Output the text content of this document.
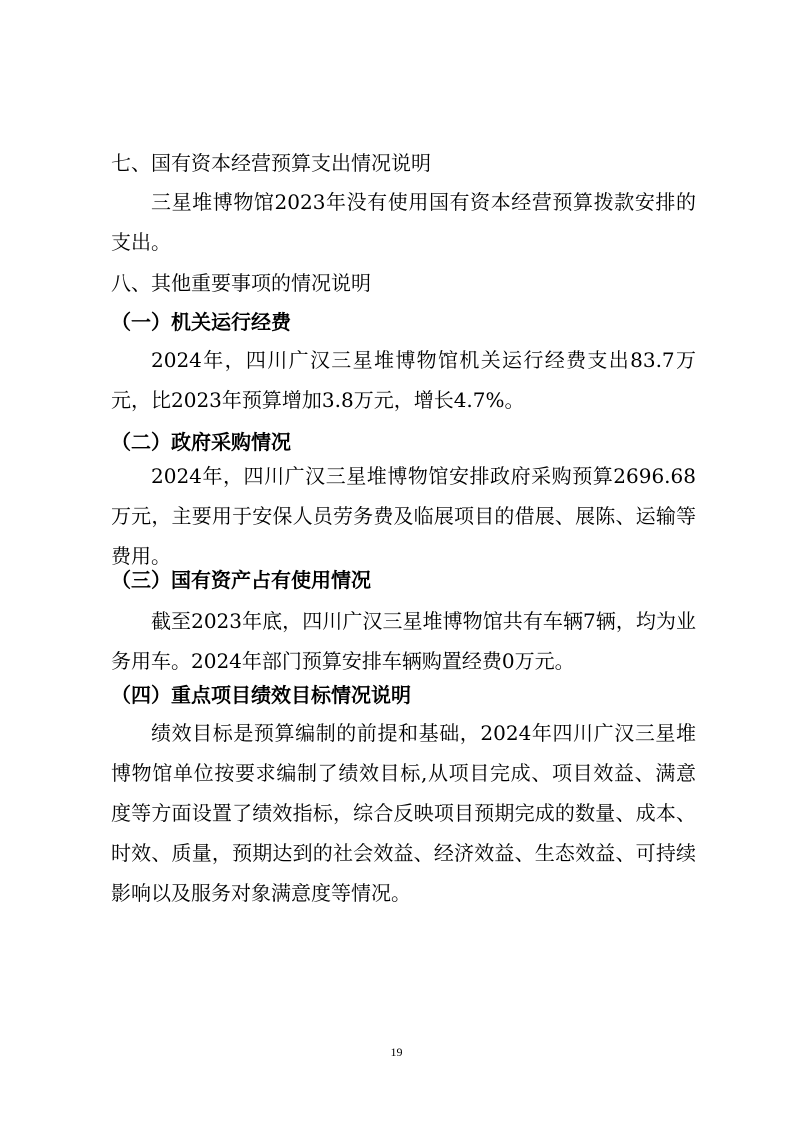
七、国有资本经营预算支出情况说明

三星堆博物馆2023年没有使用国有资本经营预算拨款安排的支出。

八、其他重要事项的情况说明
（一）机关运行经费

2024年，四川广汉三星堆博物馆机关运行经费支出83.7万元，比2023年预算增加3.8万元，增长4.7%。

（二）政府采购情况

2024年，四川广汉三星堆博物馆安排政府采购预算2696.68万元，主要用于安保人员劳务费及临展项目的借展、展陈、运输等费用。

（三）国有资产占有使用情况

截至2023年底，四川广汉三星堆博物馆共有车辆7辆，均为业务用车。2024年部门预算安排车辆购置经费0万元。

（四）重点项目绩效目标情况说明

绩效目标是预算编制的前提和基础，2024年四川广汉三星堆博物馆单位按要求编制了绩效目标,从项目完成、项目效益、满意度等方面设置了绩效指标，综合反映项目预期完成的数量、成本、时效、质量，预期达到的社会效益、经济效益、生态效益、可持续影响以及服务对象满意度等情况。

19
